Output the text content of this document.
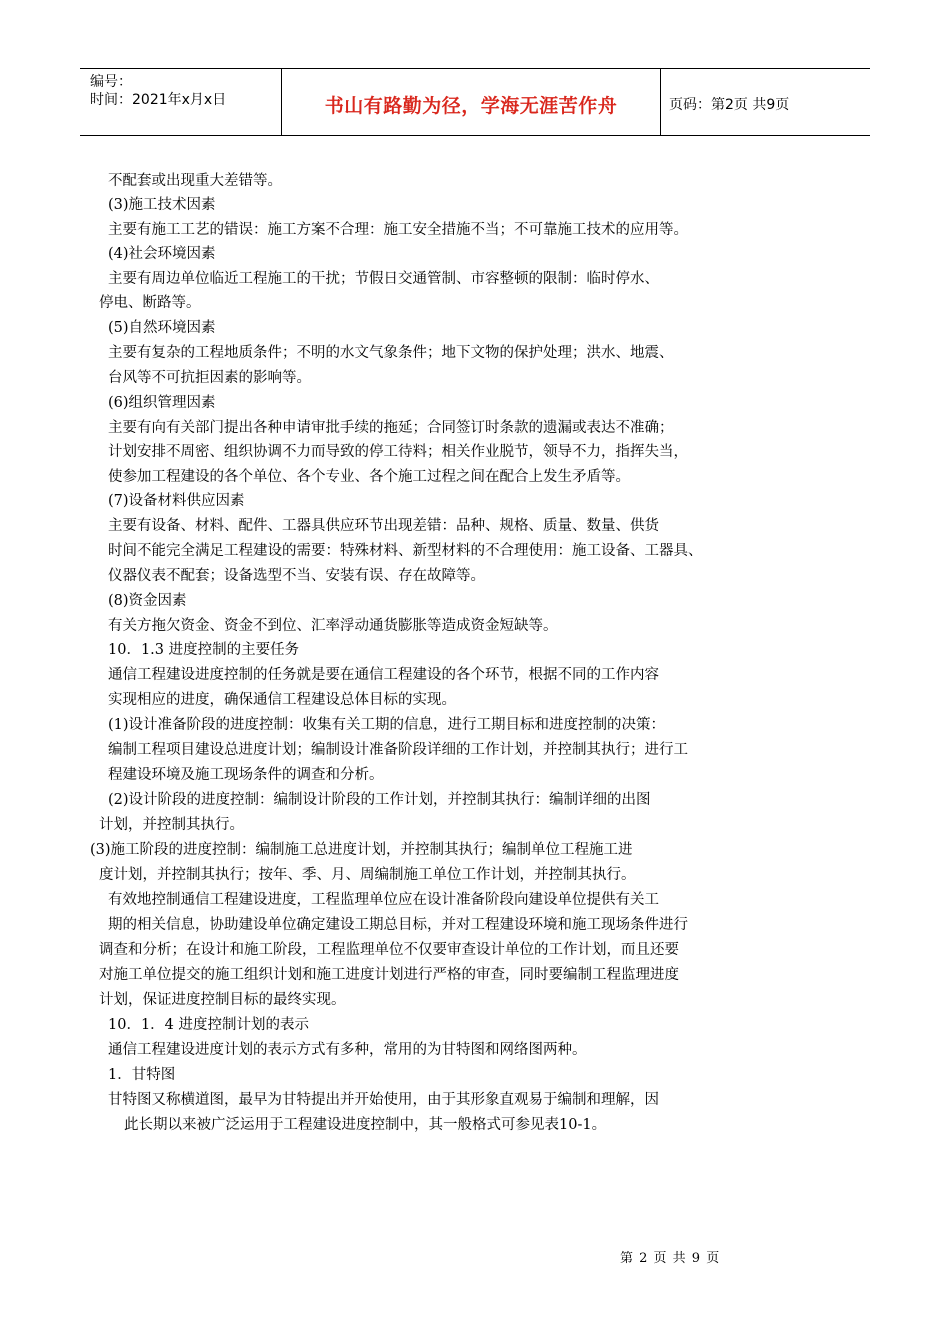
编号：
时间：2021年x月x日	书山有路勤为径，学海无涯苦作舟	页码：第2页 共9页
不配套或出现重大差错等。
(3)施工技术因素
主要有施工工艺的错误：施工方案不合理：施工安全措施不当；不可靠施工技术的应用等。
(4)社会环境因素
主要有周边单位临近工程施工的干扰；节假日交通管制、市容整顿的限制：临时停水、
停电、断路等。
(5)自然环境因素
主要有复杂的工程地质条件；不明的水文气象条件；地下文物的保护处理；洪水、地震、
台风等不可抗拒因素的影响等。
(6)组织管理因素
主要有向有关部门提出各种申请审批手续的拖延；合同签订时条款的遗漏或表达不准确；
计划安排不周密、组织协调不力而导致的停工待料；相关作业脱节，领导不力，指挥失当，
使参加工程建设的各个单位、各个专业、各个施工过程之间在配合上发生矛盾等。
(7)设备材料供应因素
主要有设备、材料、配件、工器具供应环节出现差错：品种、规格、质量、数量、供货
时间不能完全满足工程建设的需要：特殊材料、新型材料的不合理使用：施工设备、工器具、
仪器仪表不配套；设备选型不当、安装有误、存在故障等。
(8)资金因素
有关方拖欠资金、资金不到位、汇率浮动通货膨胀等造成资金短缺等。
10．1.3 进度控制的主要任务
通信工程建设进度控制的任务就是要在通信工程建设的各个环节，根据不同的工作内容
实现相应的进度，确保通信工程建设总体目标的实现。
(1)设计准备阶段的进度控制：收集有关工期的信息，进行工期目标和进度控制的决策：
编制工程项目建设总进度计划；编制设计准备阶段详细的工作计划，并控制其执行；进行工
程建设环境及施工现场条件的调查和分析。
(2)设计阶段的进度控制：编制设计阶段的工作计划，并控制其执行：编制详细的出图
计划，并控制其执行。
(3)施工阶段的进度控制：编制施工总进度计划，并控制其执行；编制单位工程施工进
度计划，并控制其执行；按年、季、月、周编制施工单位工作计划，并控制其执行。
有效地控制通信工程建设进度，工程监理单位应在设计准备阶段向建设单位提供有关工
期的相关信息，协助建设单位确定建设工期总目标，并对工程建设环境和施工现场条件进行
调查和分析；在设计和施工阶段，工程监理单位不仅要审查设计单位的工作计划，而且还要
对施工单位提交的施工组织计划和施工进度计划进行严格的审查，同时要编制工程监理进度
计划，保证进度控制目标的最终实现。
10．1．4 进度控制计划的表示
通信工程建设进度计划的表示方式有多种，常用的为甘特图和网络图两种。
1．甘特图
甘特图又称横道图，最早为甘特提出并开始使用，由于其形象直观易于编制和理解，因
此长期以来被广泛运用于工程建设进度控制中，其一般格式可参见表10-1。
第 2 页 共 9 页
